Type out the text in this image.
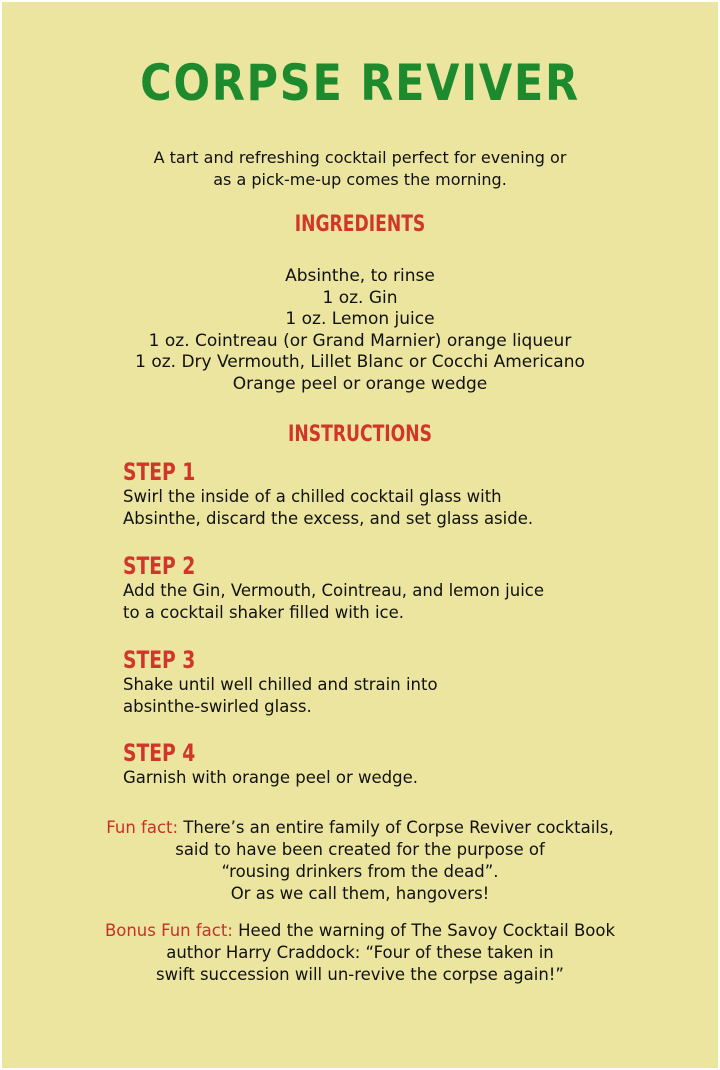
CORPSE REVIVER
A tart and refreshing cocktail perfect for evening or
as a pick-me-up comes the morning.
INGREDIENTS
Absinthe, to rinse
1 oz. Gin
1 oz. Lemon juice
1 oz. Cointreau (or Grand Marnier) orange liqueur
1 oz. Dry Vermouth, Lillet Blanc or Cocchi Americano
Orange peel or orange wedge
INSTRUCTIONS
STEP 1
Swirl the inside of a chilled cocktail glass with
Absinthe, discard the excess, and set glass aside.
STEP 2
Add the Gin, Vermouth, Cointreau, and lemon juice
to a cocktail shaker filled with ice.
STEP 3
Shake until well chilled and strain into
absinthe-swirled glass.
STEP 4
Garnish with orange peel or wedge.
Fun fact: There’s an entire family of Corpse Reviver cocktails,
said to have been created for the purpose of
“rousing drinkers from the dead”.
Or as we call them, hangovers!
Bonus Fun fact: Heed the warning of The Savoy Cocktail Book
author Harry Craddock: “Four of these taken in
swift succession will un-revive the corpse again!”
